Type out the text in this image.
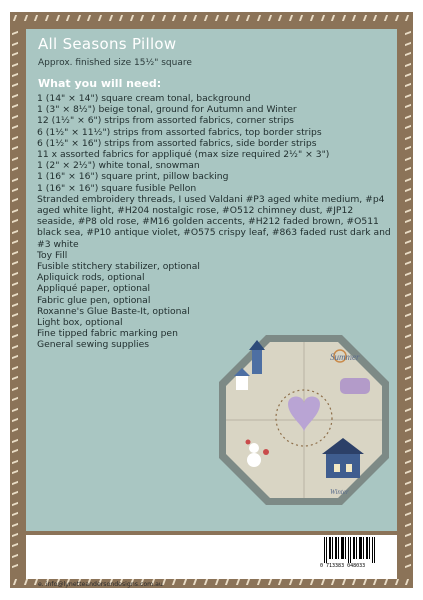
All Seasons Pillow
Approx. finished size 15½" square
What you will need:
1 (14" × 14") square cream tonal, background
1 (3" × 8½") beige tonal, ground for Autumn and Winter
12 (1½" × 6") strips from assorted fabrics, corner strips
6 (1½" × 11½") strips from assorted fabrics, top border strips
6 (1½" × 16") strips from assorted fabrics, side border strips
11 x assorted fabrics for appliqué (max size required 2½" × 3")
1 (2" × 2½") white tonal, snowman
1 (16" × 16") square print, pillow backing
1 (16" × 16") square fusible Pellon
Stranded embroidery threads, I used Valdani #P3 aged white medium, #p4 aged white light, #H204 nostalgic rose, #O512 chimney dust, #JP12 seaside, #P8 old rose, #M16 golden accents, #H212 faded brown, #O511 black sea, #P10 antique violet, #O575 crispy leaf, #863 faded rust dark and #3 white
Toy Fill
Fusible stitchery stabilizer, optional
Apliquick rods, optional
Appliqué paper, optional
Fabric glue pen, optional
Roxanne's Glue Baste-It, optional
Light box, optional
Fine tipped fabric marking pen
General sewing supplies
Summer
Winter
e. info@lynetteandersondesigns.com.au
0 713383 048033
